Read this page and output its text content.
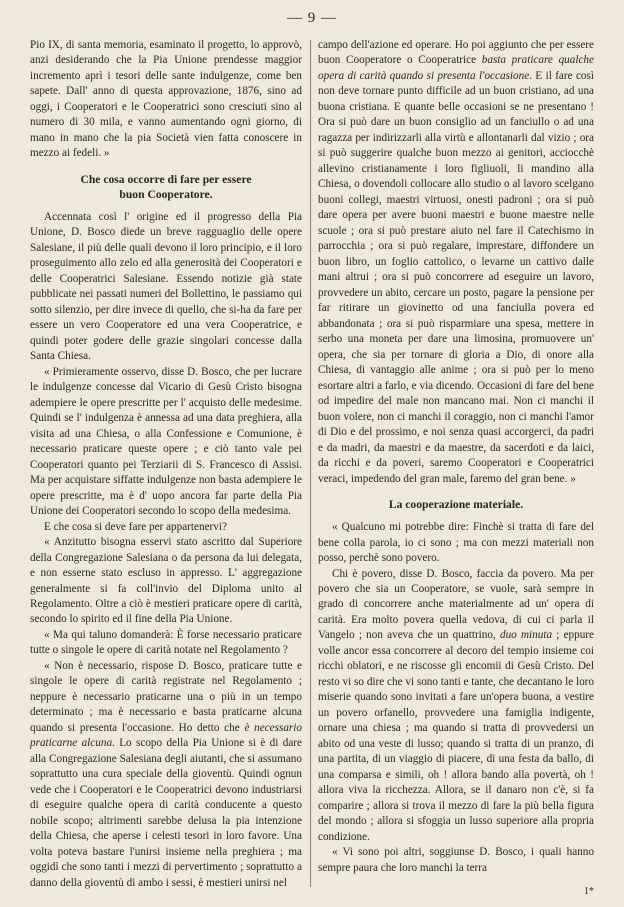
— 9 —

Pio IX, di santa memoria, esaminato il progetto, lo approvò, anzi desiderando che la Pia Unione prendesse maggior incremento aprì i tesori delle sante indulgenze, come ben sapete. Dall' anno di questa approvazione, 1876, sino ad oggi, i Cooperatori e le Cooperatrici sono cresciuti sino al numero di 30 mila, e vanno aumentando ogni giorno, di mano in mano che la pia Società vien fatta conoscere in mezzo ai fedeli. »

Che cosa occorre di fare per essere
buon Cooperatore.

Accennata così l' origine ed il progresso della Pia Unione, D. Bosco diede un breve ragguaglio delle opere Salesiane, il più delle quali devono il loro principio, e il loro proseguimento allo zelo ed alla generosità dei Cooperatori e delle Cooperatrici Salesiane. Essendo notizie già state pubblicate nei passati numeri del Bollettino, le passiamo qui sotto silenzio, per dire invece di quello, che si-ha da fare per essere un vero Cooperatore ed una vera Cooperatrice, e quindi poter godere delle grazie singolari concesse dalla Santa Chiesa.

« Primieramente osservo, disse D. Bosco, che per lucrare le indulgenze concesse dal Vicario di Gesù Cristo bisogna adempiere le opere prescritte per l' acquisto delle medesime. Quindi se l' indulgenza è annessa ad una data preghiera, alla visita ad una Chiesa, o alla Confessione e Comunione, è necessario praticare queste opere ; e ciò tanto vale pei Cooperatori quanto pei Terziarii di S. Francesco di Assisi. Ma per acquistare siffatte indulgenze non basta adempiere le opere prescritte, ma è d' uopo ancora far parte della Pia Unione dei Cooperatori secondo lo scopo della medesima.

E che cosa si deve fare per appartenervi?

« Anzitutto bisogna esservi stato ascritto dal Superiore della Congregazione Salesiana o da persona da lui delegata, e non esserne stato escluso in appresso. L' aggregazione generalmente si fa coll'invio del Diploma unito al Regolamento. Oltre a ciò è mestieri praticare opere di carità, secondo lo spirito ed il fine della Pia Unione.

« Ma qui taluno domanderà: È forse necessario praticare tutte o singole le opere di carità notate nel Regolamento ?

« Non è necessario, rispose D. Bosco, praticare tutte e singole le opere di carità registrate nel Regolamento ; neppure è necessario praticarne una o più in un tempo determinato ; ma è necessario e basta praticarne alcuna quando si presenta l'occasione. Ho detto che è necessario praticarne alcuna. Lo scopo della Pia Unione si è di dare alla Congregazione Salesiana degli aiutanti, che si assumano soprattutto una cura speciale della gioventù. Quindi ognun vede che i Cooperatori e le Cooperatrici devono industriarsi di eseguire qualche opera di carità conducente a questo nobile scopo; altrimenti sarebbe delusa la pia intenzione della Chiesa, che aperse i celesti tesori in loro favore. Una volta poteva bastare l'unirsi insieme nella preghiera ; ma oggidì che sono tanti i mezzi di pervertimento ; soprattutto a danno della gioventù di ambo i sessi, è mestieri unirsi nel

campo dell'azione ed operare. Ho poi aggiunto che per essere buon Cooperatore o Cooperatrice basta praticare qualche opera di carità quando si presenta l'occasione. E il fare così non deve tornare punto difficile ad un buon cristiano, ad una buona cristiana. E quante belle occasioni se ne presentano ! Ora si può dare un buon consiglio ad un fanciullo o ad una ragazza per indirizzarli alla virtù e allontanarli dal vizio ; ora si può suggerire qualche buon mezzo ai genitori, acciocchè allevino cristianamente i loro figliuoli, li mandino alla Chiesa, o dovendoli collocare allo studio o al lavoro scelgano buoni collegi, maestri virtuosi, onesti padroni ; ora si può dare opera per avere buoni maestri e buone maestre nelle scuole ; ora si può prestare aiuto nel fare il Catechismo in parrocchia ; ora si può regalare, imprestare, diffondere un buon libro, un foglio cattolico, o levarne un cattivo dalle mani altrui ; ora si può concorrere ad eseguire un lavoro, provvedere un abito, cercare un posto, pagare la pensione per far ritirare un giovinetto od una fanciulla povera ed abbandonata ; ora si può risparmiare una spesa, mettere in serbo una moneta per dare una limosina, promuovere un' opera, che sia per tornare di gloria a Dio, di onore alla Chiesa, di vantaggio alle anime ; ora si può per lo meno esortare altri a farlo, e via dicendo. Occasioni di fare del bene od impedire del male non mancano mai. Non ci manchi il buon volere, non ci manchi il coraggio, non ci manchi l'amor di Dio e del prossimo, e noi senza quasi accorgerci, da padri e da madri, da maestri e da maestre, da sacerdoti e da laici, da ricchi e da poveri, saremo Cooperatori e Cooperatrici veraci, impedendo del gran male, faremo del gran bene. »

La cooperazione materiale.

« Qualcuno mi potrebbe dire: Finchè si tratta di fare del bene colla parola, io ci sono ; ma con mezzi materiali non posso, perchè sono povero.

Chi è povero, disse D. Bosco, faccia da povero. Ma per povero che sia un Cooperatore, se vuole, sarà sempre in grado di concorrere anche materialmente ad un' opera di carità. Era molto povera quella vedova, di cui ci parla il Vangelo ; non aveva che un quattrino, duo minuta ; eppure volle ancor essa concorrere al decoro del tempio insieme coi ricchi oblatori, e ne riscosse gli encomii di Gesù Cristo. Del resto vi so dire che vi sono tanti e tante, che decantano le loro miserie quando sono invitati a fare un'opera buona, a vestire un povero orfanello, provvedere una famiglia indigente, ornare una chiesa ; ma quando si tratta di provvedersi un abito od una veste di lusso; quando si tratta di un pranzo, di una partita, di un viaggio di piacere, di una festa da ballo, di una comparsa e simili, oh ! allora bando alla povertà, oh ! allora viva la ricchezza. Allora, se il danaro non c'è, si fa comparire ; allora si trova il mezzo di fare la più bella figura del mondo ; allora si sfoggia un lusso superiore alla propria condizione.

« Vi sono poi altri, soggiunse D. Bosco, i quali hanno sempre paura che loro manchi la terra

1*
